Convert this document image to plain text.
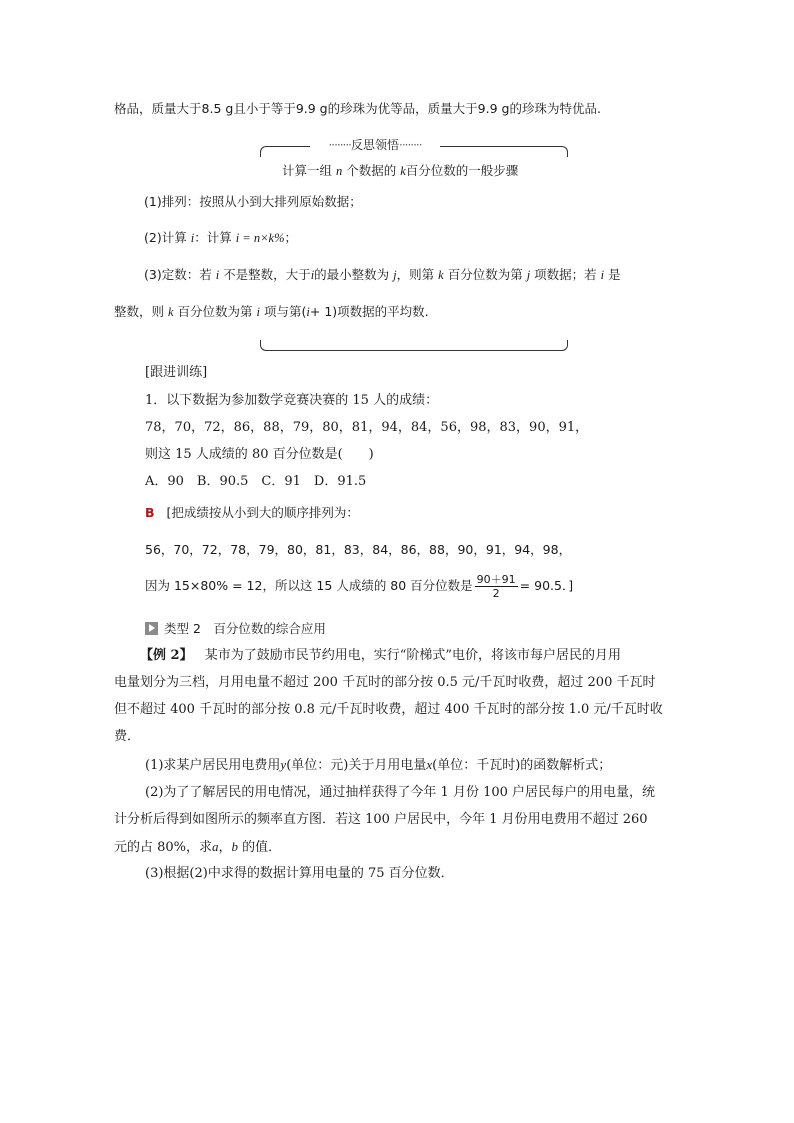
格品，质量大于8.5 g且小于等于9.9 g的珍珠为优等品，质量大于9.9 g的珍珠为特优品.
········反思领悟········
计算一组 n 个数据的 k百分位数的一般步骤
(1)排列：按照从小到大排列原始数据；
(2)计算 i：计算 i = n×k%；
(3)定数：若 i 不是整数，大于i的最小整数为 j，则第 k 百分位数为第 j 项数据；若 i 是
整数，则 k 百分位数为第 i 项与第(i+ 1)项数据的平均数.
[跟进训练]
1．以下数据为参加数学竞赛决赛的 15 人的成绩：
78，70，72，86，88，79，80，81，94，84，56，98，83，90，91，
则这 15 人成绩的 80 百分位数是(　　)
A．90　B．90.5　C．91　D．91.5
B [把成绩按从小到大的顺序排列为：
56，70，72，78，79，80，81，83，84，86，88，90，91，94，98，
因为 15×80% = 12，所以这 15 人成绩的 80 百分位数是 $\frac{90+91}{2} = 90.5$．]
类型 2　百分位数的综合应用
【例 2】 某市为了鼓励市民节约用电，实行“阶梯式”电价，将该市每户居民的月用
电量划分为三档，月用电量不超过 200 千瓦时的部分按 0.5 元/千瓦时收费，超过 200 千瓦时
但不超过 400 千瓦时的部分按 0.8 元/千瓦时收费，超过 400 千瓦时的部分按 1.0 元/千瓦时收
费．
(1)求某户居民用电费用y(单位：元)关于月用电量x(单位：千瓦时)的函数解析式；
(2)为了了解居民的用电情况，通过抽样获得了今年 1 月份 100 户居民每户的用电量，统
计分析后得到如图所示的频率直方图．若这 100 户居民中，今年 1 月份用电费用不超过 260
元的占 80%，求a，b 的值．
(3)根据(2)中求得的数据计算用电量的 75 百分位数．
